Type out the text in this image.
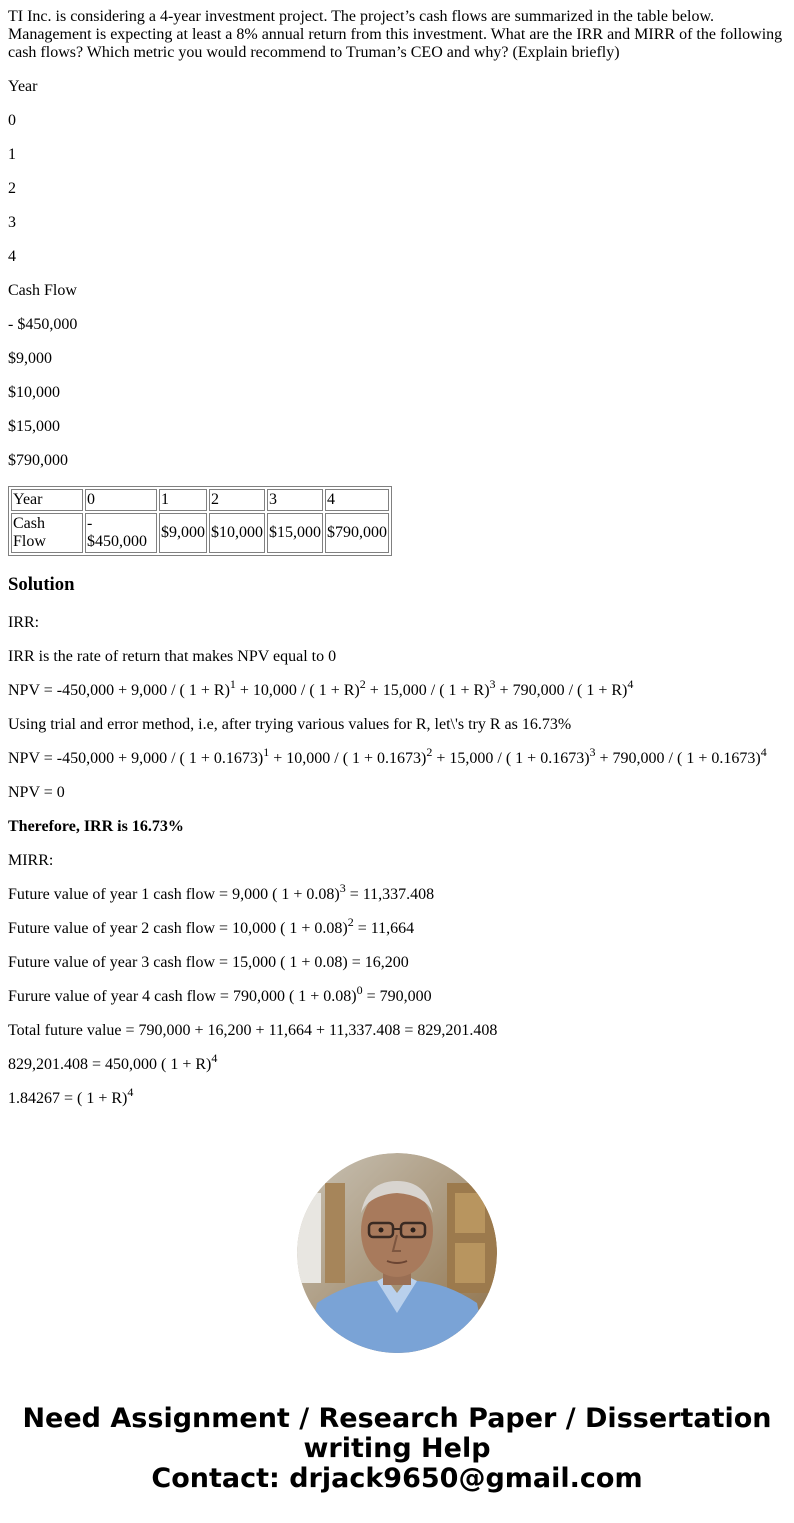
TI Inc. is considering a 4-year investment project. The project’s cash flows are summarized in the table below. Management is expecting at least a 8% annual return from this investment. What are the IRR and MIRR of the following cash flows? Which metric you would recommend to Truman’s CEO and why? (Explain briefly)

Year

0

1

2

3

4

Cash Flow

- $450,000

$9,000

$10,000

$15,000

$790,000

Year	0	1	2	3	4
Cash Flow	- $450,000	$9,000	$10,000	$15,000	$790,000
Solution

IRR:

IRR is the rate of return that makes NPV equal to 0

NPV = -450,000 + 9,000 / ( 1 + R)$^1$ + 10,000 / ( 1 + R)$^2$ + 15,000 / ( 1 + R)$^3$ + 790,000 / ( 1 + R)$^4$

Using trial and error method, i.e, after trying various values for R, let\'s try R as 16.73%

NPV = -450,000 + 9,000 / ( 1 + 0.1673)$^1$ + 10,000 / ( 1 + 0.1673)$^2$ + 15,000 / ( 1 + 0.1673)$^3$ + 790,000 / ( 1 + 0.1673)$^4$

NPV = 0

Therefore, IRR is 16.73%

MIRR:

Future value of year 1 cash flow = 9,000 ( 1 + 0.08)$^3$ = 11,337.408

Future value of year 2 cash flow = 10,000 ( 1 + 0.08)$^2$ = 11,664

Future value of year 3 cash flow = 15,000 ( 1 + 0.08) = 16,200

Furure value of year 4 cash flow = 790,000 ( 1 + 0.08)$^0$ = 790,000

Total future value = 790,000 + 16,200 + 11,664 + 11,337.408 = 829,201.408

829,201.408 = 450,000 ( 1 + R)$^4$

1.84267 = ( 1 + R)$^4$

Need Assignment / Research Paper / Dissertation
writing Help
Contact: drjack9650@gmail.com
